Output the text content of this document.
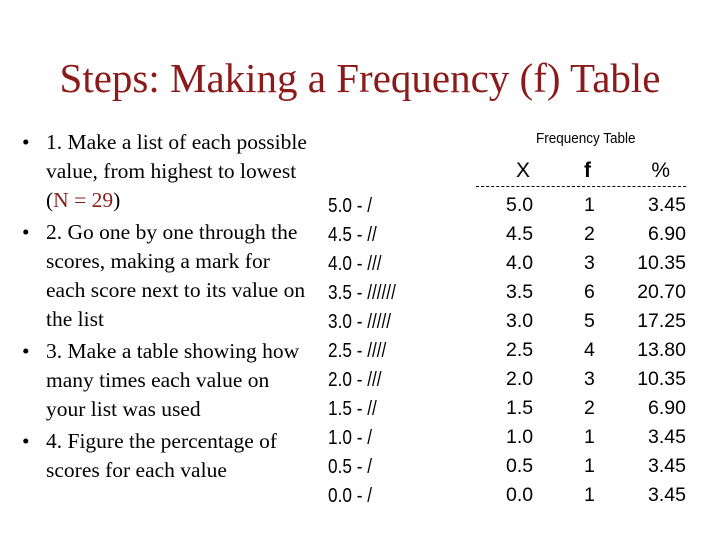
Steps: Making a Frequency (f) Table
• 1. Make a list of each possible value, from highest to lowest (N = 29)
• 2. Go one by one through the scores, making a mark for each score next to its value on the list
• 3. Make a table showing how many times each value on your list was used
• 4. Figure the percentage of scores for each value
5.0 - /
4.5 - //
4.0 - ///
3.5 - //////
3.0 - /////
2.5 - ////
2.0 - ///
1.5 - //
1.0 - /
0.5 - /
0.0 - /
Frequency Table
X	f	%
5.0	1	3.45
4.5	2	6.90
4.0	3 10.35
3.5	6 20.70
3.0	5 17.25
2.5	4 13.80
2.0	3 10.35
1.5	2	6.90
1.0	1	3.45
0.5	1	3.45
0.0	1	3.45
